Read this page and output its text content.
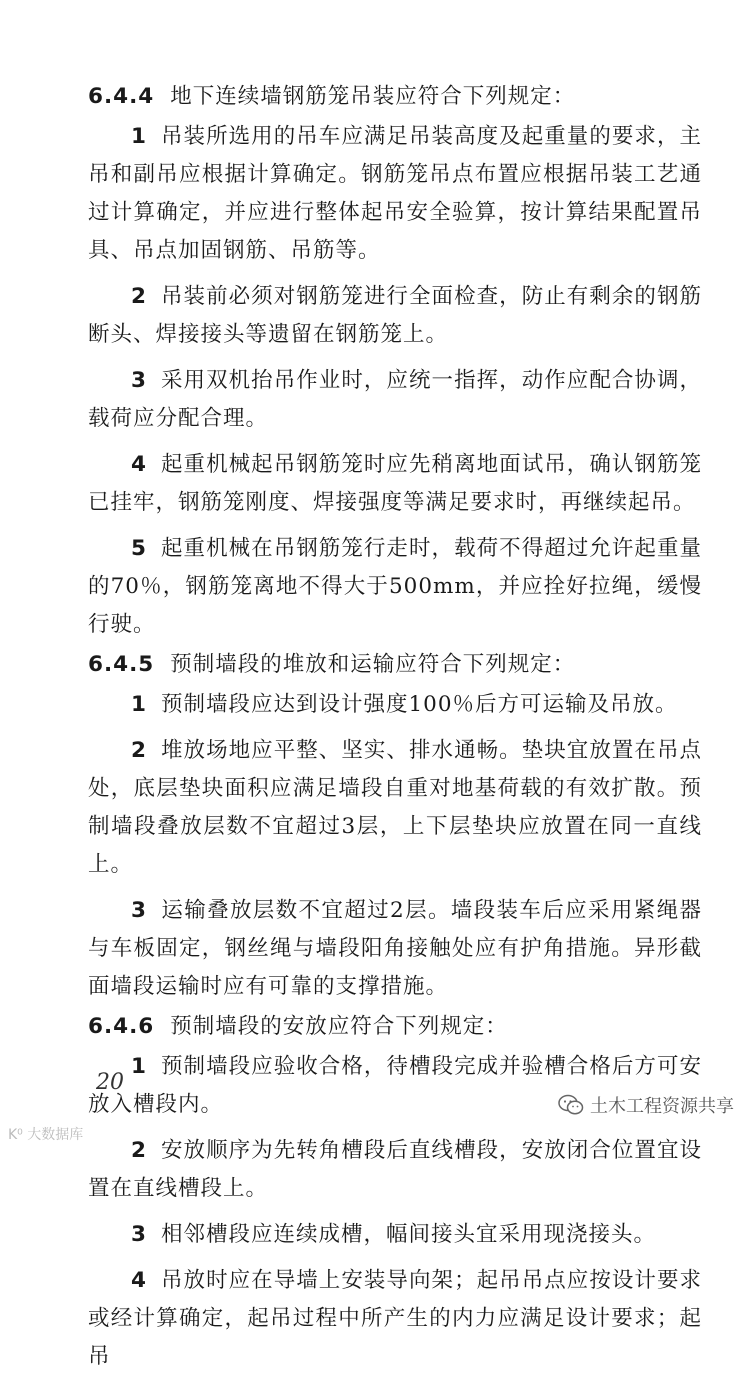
6.4.4 地下连续墙钢筋笼吊装应符合下列规定：

1 吊装所选用的吊车应满足吊装高度及起重量的要求，主吊和副吊应根据计算确定。钢筋笼吊点布置应根据吊装工艺通过计算确定，并应进行整体起吊安全验算，按计算结果配置吊具、吊点加固钢筋、吊筋等。

2 吊装前必须对钢筋笼进行全面检查，防止有剩余的钢筋断头、焊接接头等遗留在钢筋笼上。

3 采用双机抬吊作业时，应统一指挥，动作应配合协调，载荷应分配合理。

4 起重机械起吊钢筋笼时应先稍离地面试吊，确认钢筋笼已挂牢，钢筋笼刚度、焊接强度等满足要求时，再继续起吊。

5 起重机械在吊钢筋笼行走时，载荷不得超过允许起重量的70％，钢筋笼离地不得大于500mm，并应拴好拉绳，缓慢行驶。

6.4.5 预制墙段的堆放和运输应符合下列规定：

1 预制墙段应达到设计强度100％后方可运输及吊放。

2 堆放场地应平整、坚实、排水通畅。垫块宜放置在吊点处，底层垫块面积应满足墙段自重对地基荷载的有效扩散。预制墙段叠放层数不宜超过3层，上下层垫块应放置在同一直线上。

3 运输叠放层数不宜超过2层。墙段装车后应采用紧绳器与车板固定，钢丝绳与墙段阳角接触处应有护角措施。异形截面墙段运输时应有可靠的支撑措施。

6.4.6 预制墙段的安放应符合下列规定：

1 预制墙段应验收合格，待槽段完成并验槽合格后方可安放入槽段内。

2 安放顺序为先转角槽段后直线槽段，安放闭合位置宜设置在直线槽段上。

3 相邻槽段应连续成槽，幅间接头宜采用现浇接头。

4 吊放时应在导墙上安装导向架；起吊吊点应按设计要求或经计算确定，起吊过程中所产生的内力应满足设计要求；起吊

20
土木工程资源共享
K⁰ 大数据库
